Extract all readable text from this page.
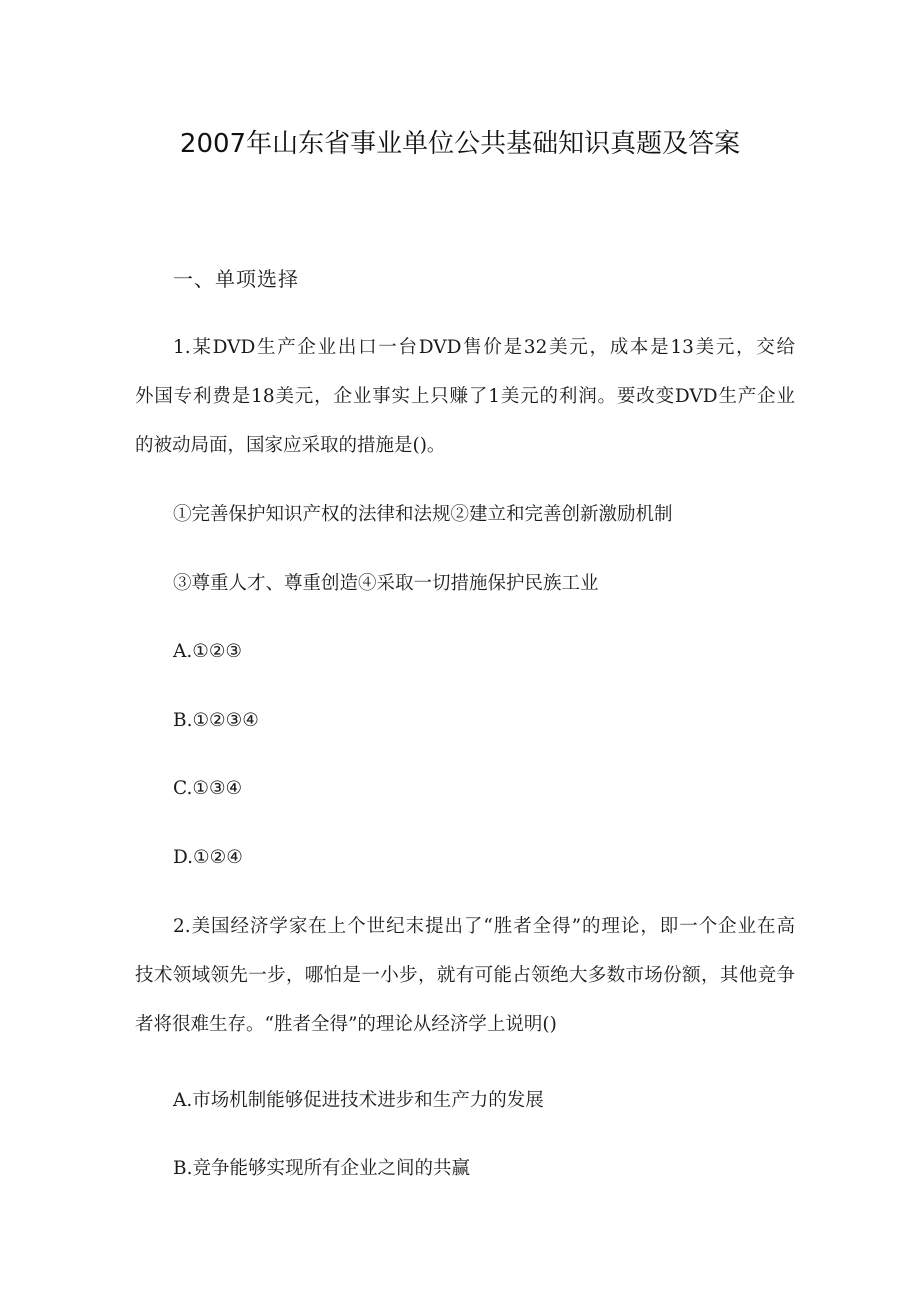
2007年山东省事业单位公共基础知识真题及答案
一、单项选择
1.某DVD生产企业出口一台DVD售价是32美元，成本是13美元，交给
外国专利费是18美元，企业事实上只赚了1美元的利润。要改变DVD生产企业
的被动局面，国家应采取的措施是()。
①完善保护知识产权的法律和法规②建立和完善创新激励机制
③尊重人才、尊重创造④采取一切措施保护民族工业
A.①②③
B.①②③④
C.①③④
D.①②④
2.美国经济学家在上个世纪末提出了“胜者全得”的理论，即一个企业在高
技术领域领先一步，哪怕是一小步，就有可能占领绝大多数市场份额，其他竞争
者将很难生存。“胜者全得”的理论从经济学上说明()
A.市场机制能够促进技术进步和生产力的发展
B.竞争能够实现所有企业之间的共赢
